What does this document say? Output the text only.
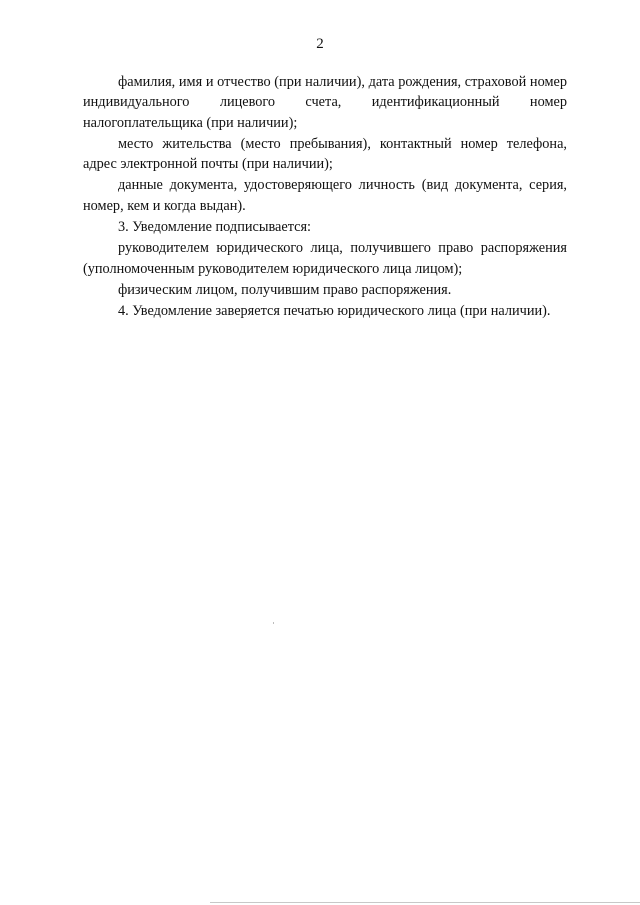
2

фамилия, имя и отчество (при наличии), дата рождения, страховой номер индивидуального лицевого счета, идентификационный номер налогоплательщика (при наличии);

место жительства (место пребывания), контактный номер телефона, адрес электронной почты (при наличии);

данные документа, удостоверяющего личность (вид документа, серия, номер, кем и когда выдан).

3. Уведомление подписывается:

руководителем юридического лица, получившего право распоряжения (уполномоченным руководителем юридического лица лицом);

физическим лицом, получившим право распоряжения.

4. Уведомление заверяется печатью юридического лица (при наличии).
